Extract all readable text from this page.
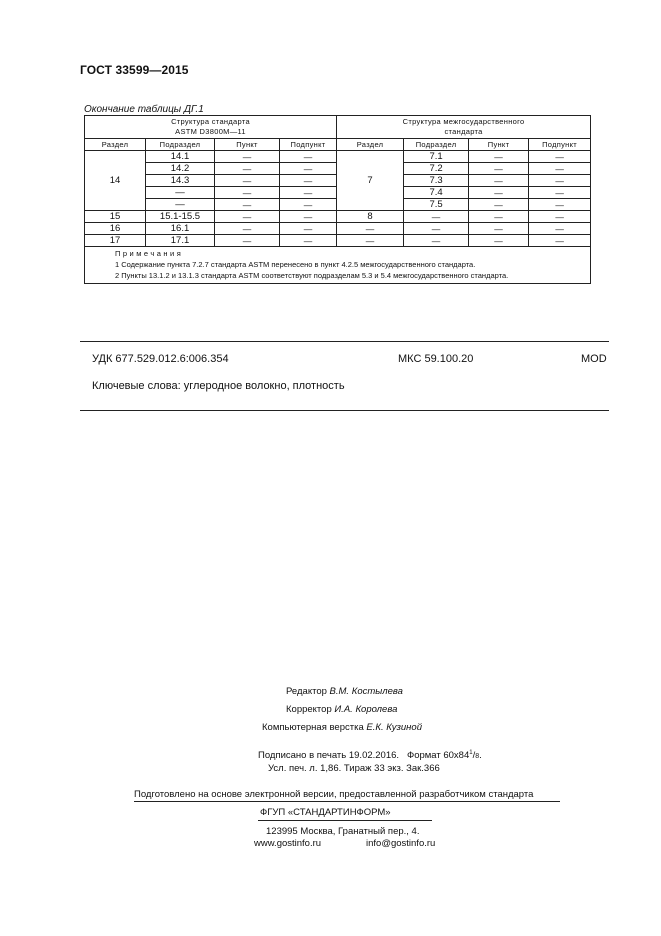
ГОСТ 33599—2015
Окончание таблицы ДГ.1
Структура стандарта
ASTM D3800M—11				Структура межгосударственного
стандарта			
Раздел	Подраздел	Пункт	Подпункт	Раздел	Подраздел	Пункт	Подпункт
14	14.1	—	—	7	7.1	—	—
	14.2	—	—		7.2	—	—
	14.3	—	—		7.3	—	—
	—	—	—		7.4	—	—
	—	—	—		7.5	—	—
15	15.1-15.5	—	—	8	—	—	—
16	16.1	—	—	—	—	—	—
17	17.1	—	—	—	—	—	—

Примечания
1 Содержание пункта 7.2.7 стандарта ASTM перенесено в пункт 4.2.5 межгосударственного стандарта.
2 Пункты 13.1.2 и 13.1.3 стандарта ASTM соответствуют подразделам 5.3 и 5.4 межгосударственного стандарта.							
УДК 677.529.012.6:006.354	МКС 59.100.20	MOD
Ключевые слова: углеродное волокно, плотность
Редактор В.М. Костылева
Корректор И.А. Королева
Компьютерная верстка Е.К. Кузиной
Подписано в печать 19.02.2016. Формат $60х84^1/8$.
Усл. печ. л. 1,86. Тираж 33 экз. Зак.366
Подготовлено на основе электронной версии, предоставленной разработчиком стандарта
ФГУП «СТАНДАРТИНФОРМ»
123995 Москва, Гранатный пер., 4.
www.gostinfo.ru	info@gostinfo.ru
